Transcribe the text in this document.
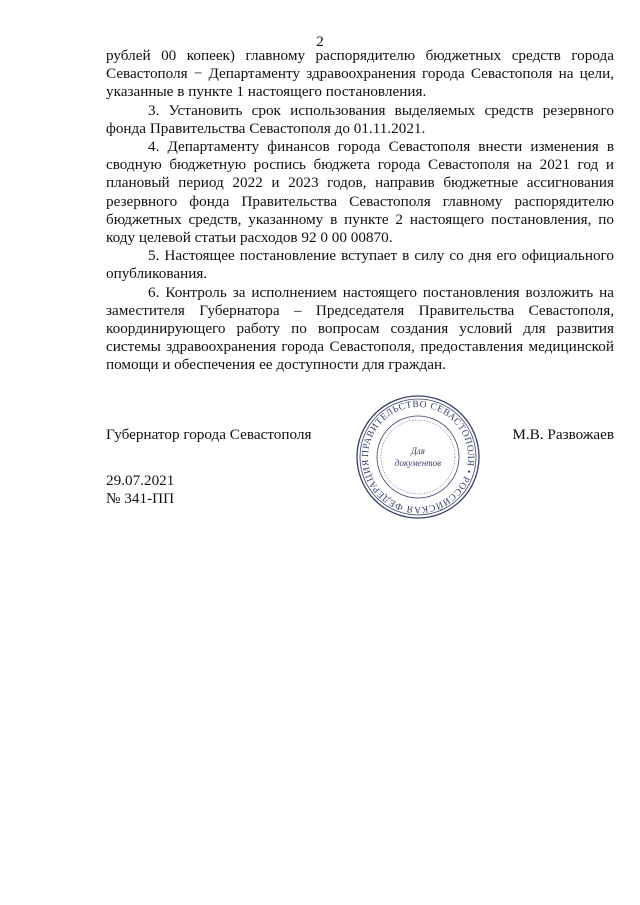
2

рублей 00 копеек) главному распорядителю бюджетных средств города Севастополя − Департаменту здравоохранения города Севастополя на цели, указанные в пункте 1 настоящего постановления.

3. Установить срок использования выделяемых средств резервного фонда Правительства Севастополя до 01.11.2021.

4. Департаменту финансов города Севастополя внести изменения в сводную бюджетную роспись бюджета города Севастополя на 2021 год и плановый период 2022 и 2023 годов, направив бюджетные ассигнования резервного фонда Правительства Севастополя главному распорядителю бюджетных средств, указанному в пункте 2 настоящего постановления, по коду целевой статьи расходов 92 0 00 00870.

5. Настоящее постановление вступает в силу со дня его официального опубликования.

6. Контроль за исполнением настоящего постановления возложить на заместителя Губернатора – Председателя Правительства Севастополя, координирующего работу по вопросам создания условий для развития системы здравоохранения города Севастополя, предоставления медицинской помощи и обеспечения ее доступности для граждан.

Губернатор города Севастополя	М.В. Развожаев
ПРАВИТЕЛЬСТВО СЕВАСТОПОЛЯ • РОССИЙСКАЯ ФЕДЕРАЦИЯ
Для
документов
29.07.2021
№ 341-ПП
